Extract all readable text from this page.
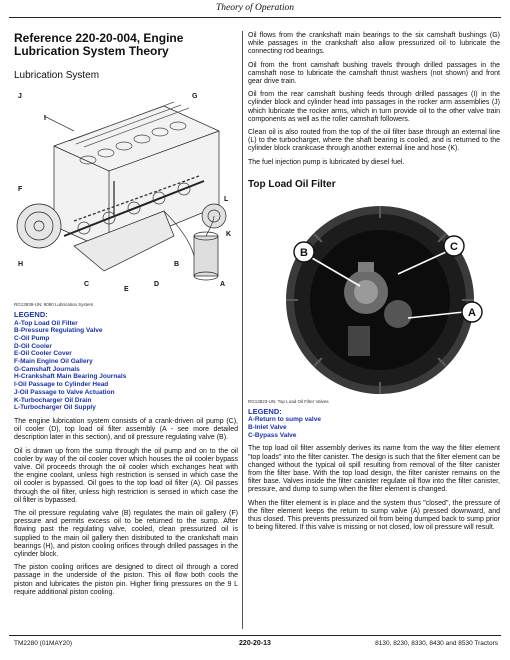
Theory of Operation
Reference 220-20-004, Engine Lubrication System Theory
Lubrication System
J
I
G
L
K
A
D
E
C
H
F
B
RG13939-UN: 9090 Lubrication System
LEGEND:
A-Top Load Oil Filter
B-Pressure Regulating Valve
C-Oil Pump
D-Oil Cooler
E-Oil Cooler Cover
F-Main Engine Oil Gallery
G-Camshaft Journals
H-Crankshaft Main Bearing Journals
I-Oil Passage to Cylinder Head
J-Oil Passage to Valve Actuation
K-Turbocharger Oil Drain
L-Turbocharger Oil Supply

The engine lubrication system consists of a crank-driven oil pump (C), oil cooler (D), top load oil filter assembly (A - see more detailed description later in this section), and oil pressure regulating valve (B).

Oil is drawn up from the sump through the oil pump and on to the oil cooler by way of the oil cooler cover which houses the oil cooler bypass valve. Oil proceeds through the oil cooler which exchanges heat with the engine coolant, unless high restriction is sensed in which case the oil cooler is bypassed. Oil goes to the top load oil filter (A). Oil passes through the oil filter, unless high restriction is sensed in which case the oil filter is bypassed.

The oil pressure regulating valve (B) regulates the main oil gallery (F) pressure and permits excess oil to be returned to the sump. After flowing past the regulating valve, cooled, clean pressurized oil is supplied to the main oil gallery then distributed to the crankshaft main bearings (H), and piston cooling orifices through drilled passages in the cylinder block.

The piston cooling orifices are designed to direct oil through a cored passage in the underside of the piston. This oil flow both cools the piston and lubricates the piston pin. Higher firing pressures on the 9 L require additional piston cooling.

Oil flows from the crankshaft main bearings to the six camshaft bushings (G) while passages in the crankshaft also allow pressurized oil to lubricate the connecting rod bearings.

Oil from the front camshaft bushing travels through drilled passages in the camshaft nose to lubricate the camshaft thrust washers (not shown) and front gear drive train.

Oil from the rear camshaft bushing feeds through drilled passages (I) in the cylinder block and cylinder head into passages in the rocker arm assemblies (J) which lubricate the rocker arms, which in turn provide oil to the other valve train components as well as the roller camshaft followers.

Clean oil is also routed from the top of the oil filter base through an external line (L) to the turbocharger, where the shaft bearing is cooled, and is returned to the cylinder block crankcase through another external line and hose (K).

The fuel injection pump is lubricated by diesel fuel.

Top Load Oil Filter
B	C
A
RG13823-UN: Top Load Oil Filter Valves
LEGEND:
A-Return to sump valve
B-Inlet Valve
C-Bypass Valve

The top load oil filter assembly derives its name from the way the filter element "top loads" into the filter canister. The design is such that the filter element can be changed without the typical oil spill resulting from removal of the filter canister from the filter base. With the top load design, the filter canister remains on the filter base. Valves inside the filter canister regulate oil flow into the filter canister, pressure, and dump to sump when the filter element is changed.

When the filter element is in place and the system thus "closed", the pressure of the filter element keeps the return to sump valve (A) pressed downward, and thus closed. This prevents pressurized oil from being dumped back to sump prior to being filtered. If this valve is missing or not closed, low oil pressure will result.

TM2280 (01MAY20)	220-20-13	8130, 8230, 8330, 8430 and 8530 Tractors
